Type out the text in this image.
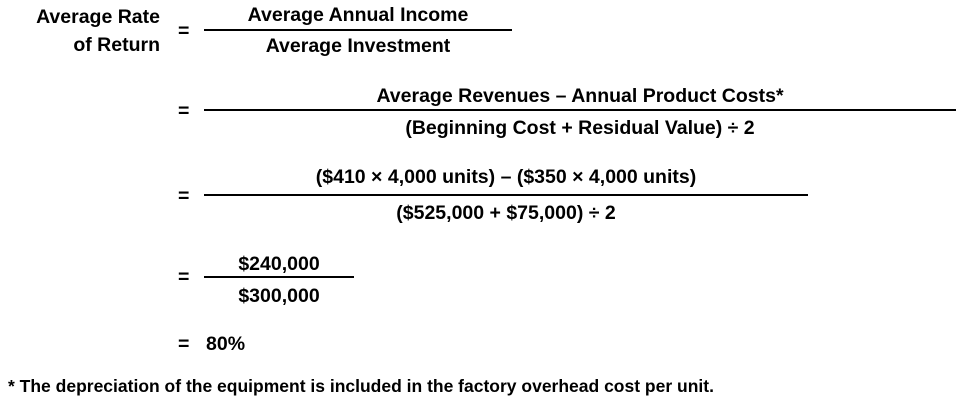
Average Rate
of Return
=
Average Annual Income
Average Investment
=
Average Revenues – Annual Product Costs*
(Beginning Cost + Residual Value) ÷ 2
=
($410 × 4,000 units) – ($350 × 4,000 units)
($525,000 + $75,000) ÷ 2
=
$240,000
$300,000
= 80%
* The depreciation of the equipment is included in the factory overhead cost per unit.
